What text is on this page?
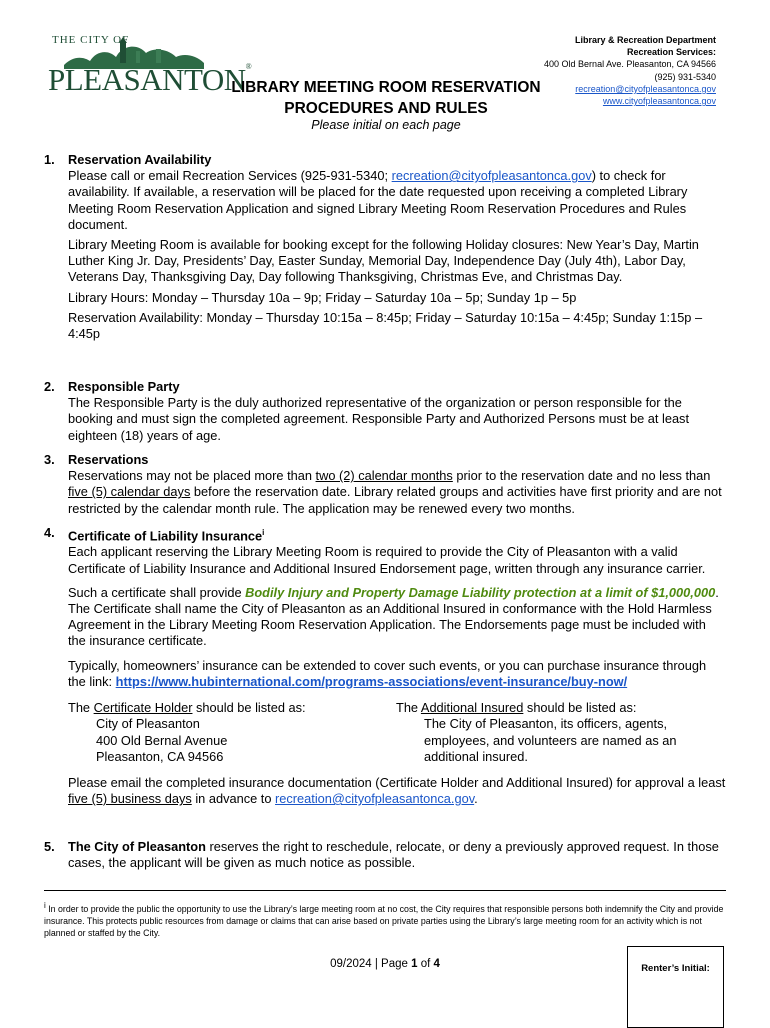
THE CITY OF
PLEASANTON®
LIBRARY MEETING ROOM RESERVATION
PROCEDURES AND RULES
Please initial on each page
Library & Recreation Department
Recreation Services:
400 Old Bernal Ave. Pleasanton, CA 94566
(925) 931-5340
recreation@cityofpleasantonca.gov
www.cityofpleasantonca.gov
1. Reservation Availability

Please call or email Recreation Services (925-931-5340; recreation@cityofpleasantonca.gov) to check for availability. If available, a reservation will be placed for the date requested upon receiving a completed Library Meeting Room Reservation Application and signed Library Meeting Room Reservation Procedures and Rules document.

Library Meeting Room is available for booking except for the following Holiday closures: New Year’s Day, Martin Luther King Jr. Day, Presidents’ Day, Easter Sunday, Memorial Day, Independence Day (July 4th), Labor Day, Veterans Day, Thanksgiving Day, Day following Thanksgiving, Christmas Eve, and Christmas Day.

Library Hours: Monday – Thursday 10a – 9p; Friday – Saturday 10a – 5p; Sunday 1p – 5p

Reservation Availability: Monday – Thursday 10:15a – 8:45p; Friday – Saturday 10:15a – 4:45p; Sunday 1:15p – 4:45p

2. Responsible Party

The Responsible Party is the duly authorized representative of the organization or person responsible for the booking and must sign the completed agreement. Responsible Party and Authorized Persons must be at least eighteen (18) years of age.

3. Reservations

Reservations may not be placed more than two (2) calendar months prior to the reservation date and no less than five (5) calendar days before the reservation date. Library related groups and activities have first priority and are not restricted by the calendar month rule. The application may be renewed every two months.

4. Certificate of Liability Insurance$^i$

Each applicant reserving the Library Meeting Room is required to provide the City of Pleasanton with a valid Certificate of Liability Insurance and Additional Insured Endorsement page, written through any insurance carrier.

Such a certificate shall provide Bodily Injury and Property Damage Liability protection at a limit of $1,000,000. The Certificate shall name the City of Pleasanton as an Additional Insured in conformance with the Hold Harmless Agreement in the Library Meeting Room Reservation Application. The Endorsements page must be included with the insurance certificate.

Typically, homeowners’ insurance can be extended to cover such events, or you can purchase insurance through the link: https://www.hubinternational.com/programs-associations/event-insurance/buy-now/

The Certificate Holder should be listed as:
City of Pleasanton
400 Old Bernal Avenue
Pleasanton, CA 94566
The Additional Insured should be listed as:
The City of Pleasanton, its officers, agents, employees, and volunteers are named as an additional insured.

Please email the completed insurance documentation (Certificate Holder and Additional Insured) for approval a least five (5) business days in advance to recreation@cityofpleasantonca.gov.

5. The City of Pleasanton reserves the right to reschedule, relocate, or deny a previously approved request. In those cases, the applicant will be given as much notice as possible.

$^i$ In order to provide the public the opportunity to use the Library’s large meeting room at no cost, the City requires that responsible persons both indemnify the City and provide insurance. This protects public resources from damage or claims that can arise based on private parties using the Library’s large meeting room for an activity which is not planned or staffed by the City.
09/2024 | Page 1 of 4	Renter’s Initial:
